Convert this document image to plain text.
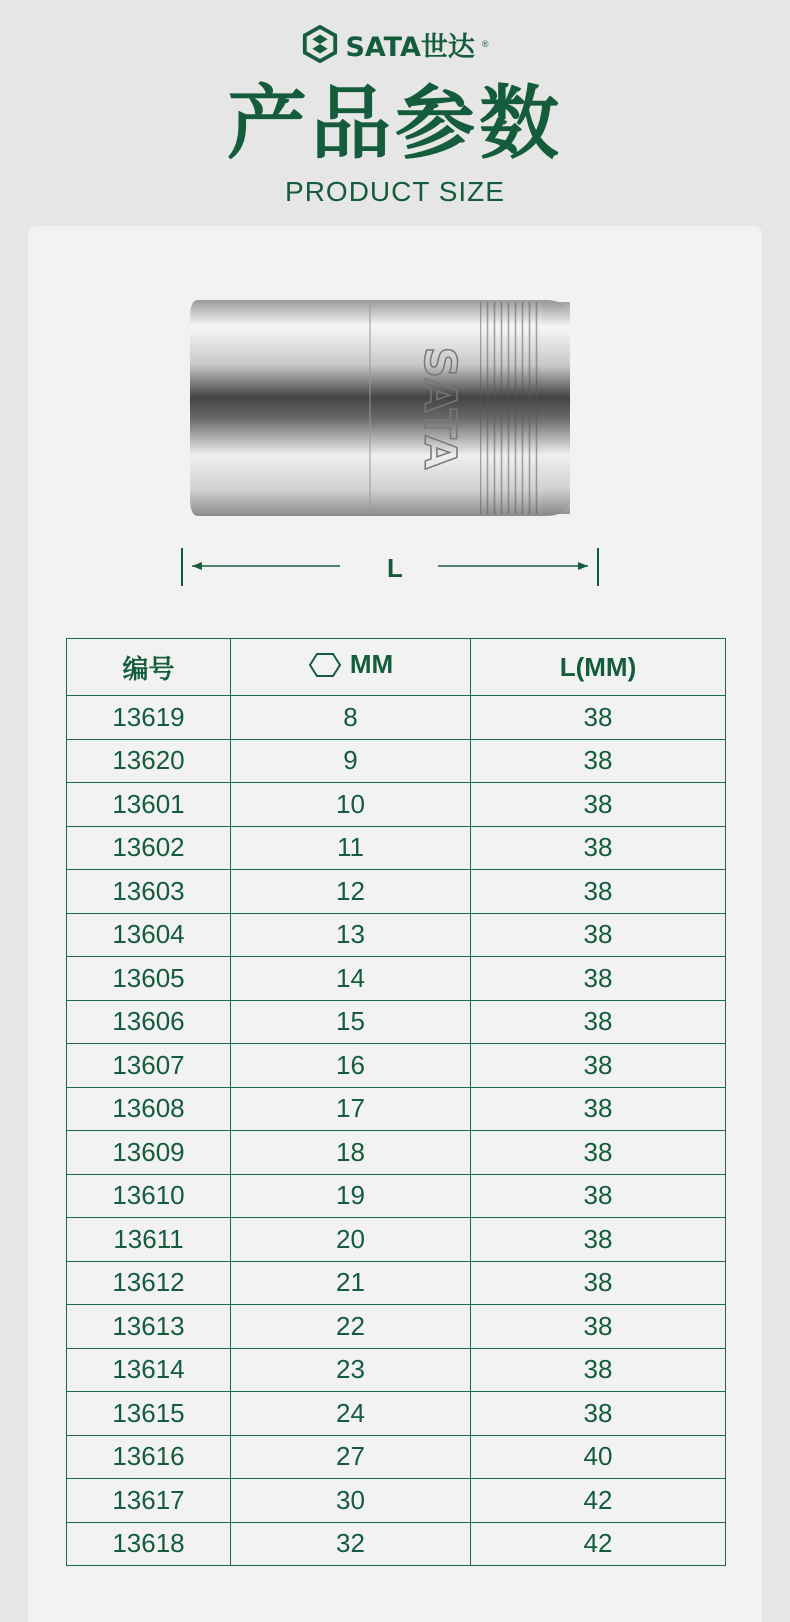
SATA世达 ®
产品参数
PRODUCT SIZE
SATA
L
编号	MM	L(MM)
13619	8	38
13620	9	38
13601	10	38
13602	11	38
13603	12	38
13604	13	38
13605	14	38
13606	15	38
13607	16	38
13608	17	38
13609	18	38
13610	19	38
13611	20	38
13612	21	38
13613	22	38
13614	23	38
13615	24	38
13616	27	40
13617	30	42
13618	32	42
